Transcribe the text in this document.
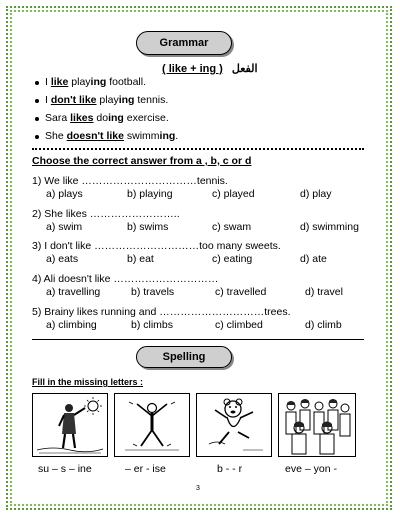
Grammar
( like + ing ) الفعل
I like playing football.
I don't like playing tennis.
Sara likes doing exercise.
She doesn't like swimming.
Choose the correct answer from a , b, c or d
1) We like ……………………………tennis.
a) plays	b) playing	c) played	d) play
2) She likes ……………………..
a) swim	b) swims	c) swam	d) swimming
3) I don't like …………………………too many sweets.
a) eats	b) eat	c) eating	d) ate
4) Ali doesn't like …………………………
a) travelling	b) travels	c) travelled	d) travel
5) Brainy likes running and …………………………trees.
a) climbing	b) climbs	c) climbed	d) climb
Spelling
Fill in the missing letters :
su – s – ine	– er - ise	b - - r	eve – yon -
3
